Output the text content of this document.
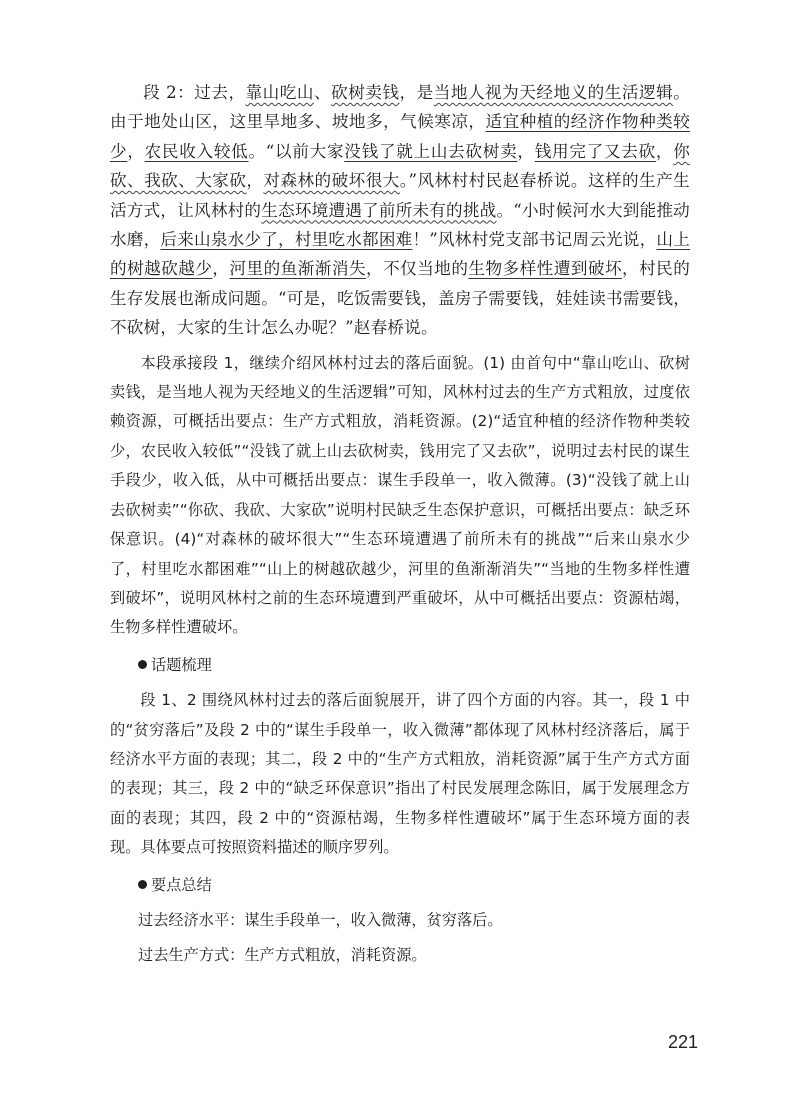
段 2：过去，靠山吃山、砍树卖钱，是当地人视为天经地义的生活逻辑。由于地处山区，这里旱地多、坡地多，气候寒凉，适宜种植的经济作物种类较少，农民收入较低。“以前大家没钱了就上山去砍树卖，钱用完了又去砍，你砍、我砍、大家砍，对森林的破坏很大。”风林村村民赵春桥说。这样的生产生活方式，让风林村的生态环境遭遇了前所未有的挑战。“小时候河水大到能推动水磨，后来山泉水少了，村里吃水都困难！”风林村党支部书记周云光说，山上的树越砍越少，河里的鱼渐渐消失，不仅当地的生物多样性遭到破坏，村民的生存发展也渐成问题。“可是，吃饭需要钱，盖房子需要钱，娃娃读书需要钱，不砍树，大家的生计怎么办呢？”赵春桥说。

本段承接段 1，继续介绍风林村过去的落后面貌。(1) 由首句中“靠山吃山、砍树卖钱，是当地人视为天经地义的生活逻辑”可知，风林村过去的生产方式粗放，过度依赖资源，可概括出要点：生产方式粗放，消耗资源。(2)“适宜种植的经济作物种类较少，农民收入较低”“没钱了就上山去砍树卖，钱用完了又去砍”，说明过去村民的谋生手段少，收入低，从中可概括出要点：谋生手段单一，收入微薄。(3)“没钱了就上山去砍树卖”“你砍、我砍、大家砍”说明村民缺乏生态保护意识，可概括出要点：缺乏环保意识。(4)“对森林的破坏很大”“生态环境遭遇了前所未有的挑战”“后来山泉水少了，村里吃水都困难”“山上的树越砍越少，河里的鱼渐渐消失”“当地的生物多样性遭到破坏”，说明风林村之前的生态环境遭到严重破坏，从中可概括出要点：资源枯竭，生物多样性遭破坏。

话题梳理

段 1、2 围绕风林村过去的落后面貌展开，讲了四个方面的内容。其一，段 1 中的“贫穷落后”及段 2 中的“谋生手段单一，收入微薄”都体现了风林村经济落后，属于经济水平方面的表现；其二，段 2 中的“生产方式粗放，消耗资源”属于生产方式方面的表现；其三，段 2 中的“缺乏环保意识”指出了村民发展理念陈旧，属于发展理念方面的表现；其四，段 2 中的“资源枯竭，生物多样性遭破坏”属于生态环境方面的表现。具体要点可按照资料描述的顺序罗列。

要点总结

过去经济水平：谋生手段单一，收入微薄，贫穷落后。

过去生产方式：生产方式粗放，消耗资源。

221
